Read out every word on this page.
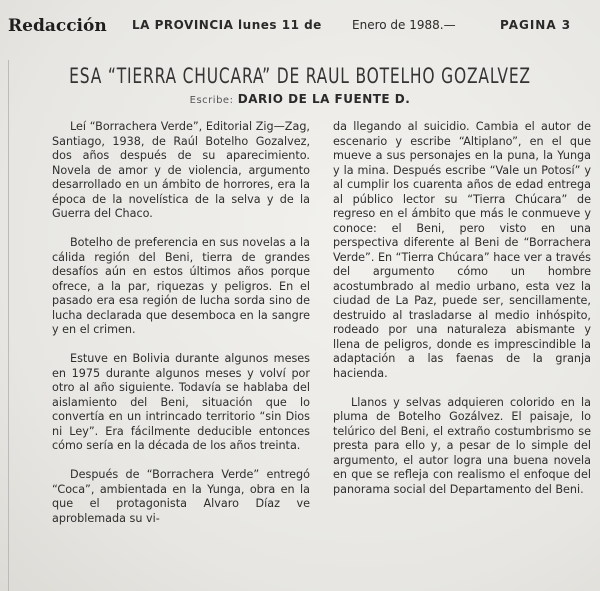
Redacción LA PROVINCIA lunes 11 de	Enero de 1988.—	PAGINA 3
ESA “TIERRA CHUCARA” DE RAUL BOTELHO GOZALVEZ
Escribe: DARIO DE LA FUENTE D.

Leí “Borrachera Verde”, Editorial Zig—Zag, Santiago, 1938, de Raúl Botelho Gozalvez, dos años después de su aparecimiento. Novela de amor y de violencia, argumento desarrollado en un ámbito de horrores, era la época de la novelística de la selva y de la Guerra del Chaco.

Botelho de preferencia en sus novelas a la cálida región del Beni, tierra de grandes desafíos aún en estos últimos años porque ofrece, a la par, riquezas y peligros. En el pasado era esa región de lucha sorda sino de lucha declarada que desemboca en la sangre y en el crimen.

Estuve en Bolivia durante algunos meses en 1975 durante algunos meses y volví por otro al año siguiente. Todavía se hablaba del aislamiento del Beni, situación que lo convertía en un intrincado territorio “sin Dios ni Ley”. Era fácilmente deducible entonces cómo sería en la década de los años treinta.

Después de “Borrachera Verde” entregó “Coca”, ambientada en la Yunga, obra en la que el protagonista Alvaro Díaz ve aproblemada su vi-

da llegando al suicidio. Cambia el autor de escenario y escribe “Altiplano”, en el que mueve a sus personajes en la puna, la Yunga y la mina. Después escribe “Vale un Potosí” y al cumplir los cuarenta años de edad entrega al público lector su “Tierra Chúcara” de regreso en el ámbito que más le conmueve y conoce: el Beni, pero visto en una perspectiva diferente al Beni de “Borrachera Verde”. En “Tierra Chúcara” hace ver a través del argumento cómo un hombre acostumbrado al medio urbano, esta vez la ciudad de La Paz, puede ser, sencillamente, destruido al trasladarse al medio inhóspito, rodeado por una naturaleza abismante y llena de peligros, donde es imprescindible la adaptación a las faenas de la granja hacienda.

Llanos y selvas adquieren colorido en la pluma de Botelho Gozálvez. El paisaje, lo telúrico del Beni, el extraño costumbrismo se presta para ello y, a pesar de lo simple del argumento, el autor logra una buena novela en que se refleja con realismo el enfoque del panorama social del Departamento del Beni.
